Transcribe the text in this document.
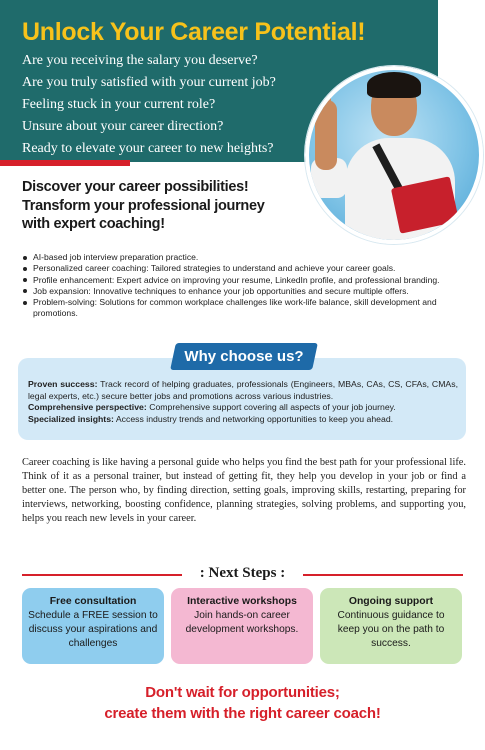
Unlock Your Career Potential!
Are you receiving the salary you deserve?
Are you truly satisfied with your current job?
Feeling stuck in your current role?
Unsure about your career direction?
Ready to elevate your career to new heights?
Discover your career possibilities!
Transform your professional journey
with expert coaching!
AI-based job interview preparation practice.
Personalized career coaching: Tailored strategies to understand and achieve your career goals.
Profile enhancement: Expert advice on improving your resume, LinkedIn profile, and professional branding.
Job expansion: Innovative techniques to enhance your job opportunities and secure multiple offers.
Problem-solving: Solutions for common workplace challenges like work-life balance, skill development and promotions.
Why choose us?
Proven success: Track record of helping graduates, professionals (Engineers, MBAs, CAs, CS, CFAs, CMAs, legal experts, etc.) secure better jobs and promotions across various industries.
Comprehensive perspective: Comprehensive support covering all aspects of your job journey.
Specialized insights: Access industry trends and networking opportunities to keep you ahead.
Career coaching is like having a personal guide who helps you find the best path for your professional life. Think of it as a personal trainer, but instead of getting fit, they help you develop in your job or find a better one. The person who, by finding direction, setting goals, improving skills, restarting, preparing for interviews, networking, boosting confidence, planning strategies, solving problems, and supporting you, helps you reach new levels in your career.
: Next Steps :
Free consultation
Schedule a FREE session to discuss your aspirations and challenges
Interactive workshops
Join hands-on career development workshops.
Ongoing support
Continuous guidance to keep you on the path to success.
Don't wait for opportunities;
create them with the right career coach!
